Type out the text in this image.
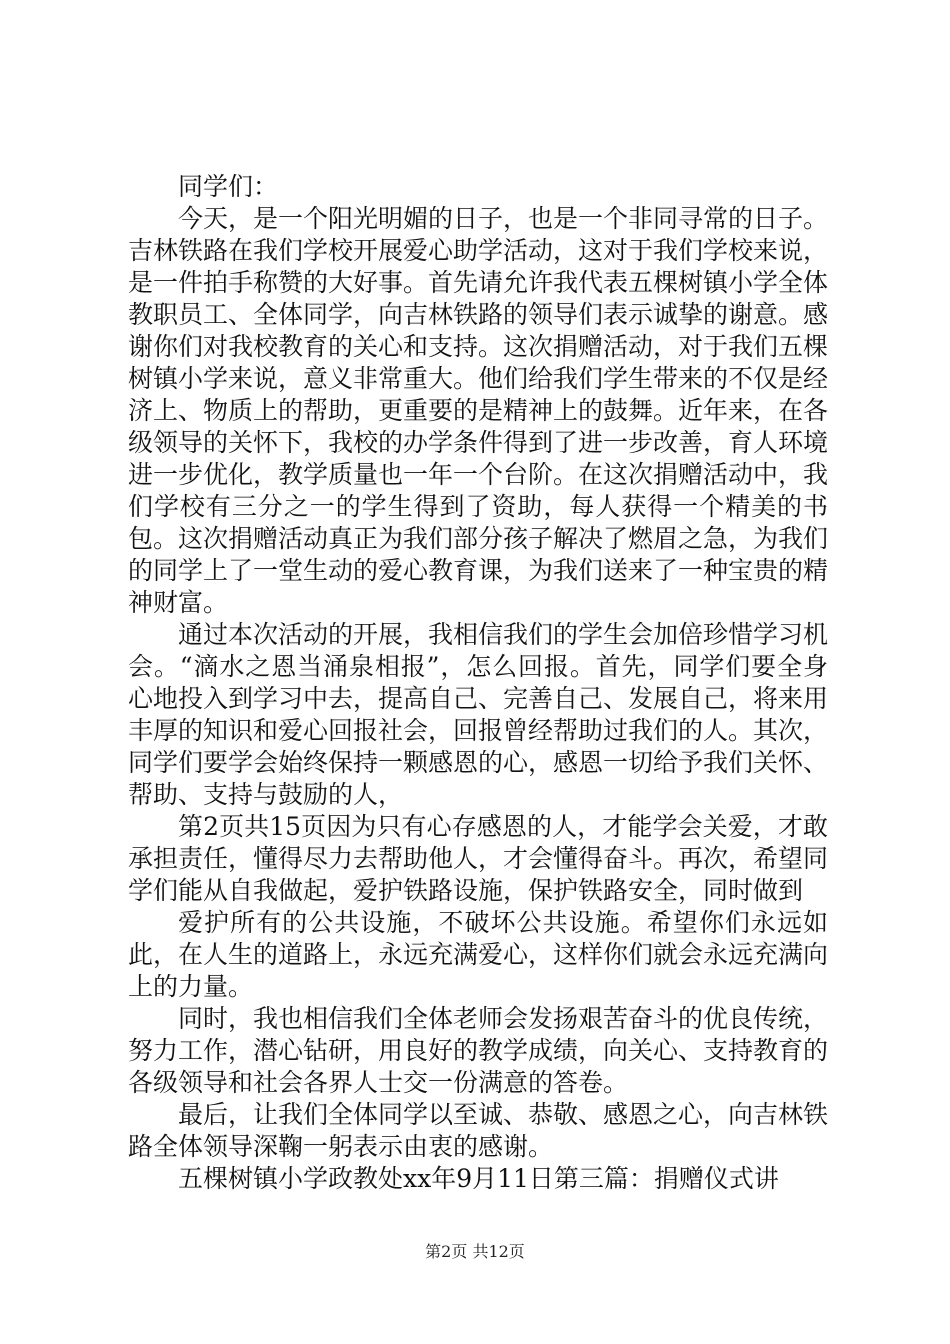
同学们：

今天，是一个阳光明媚的日子，也是一个非同寻常的日子。吉林铁路在我们学校开展爱心助学活动，这对于我们学校来说，是一件拍手称赞的大好事。首先请允许我代表五棵树镇小学全体教职员工、全体同学，向吉林铁路的领导们表示诚挚的谢意。感谢你们对我校教育的关心和支持。这次捐赠活动，对于我们五棵树镇小学来说，意义非常重大。他们给我们学生带来的不仅是经济上、物质上的帮助，更重要的是精神上的鼓舞。近年来，在各级领导的关怀下，我校的办学条件得到了进一步改善，育人环境进一步优化，教学质量也一年一个台阶。在这次捐赠活动中，我们学校有三分之一的学生得到了资助，每人获得一个精美的书包。这次捐赠活动真正为我们部分孩子解决了燃眉之急，为我们的同学上了一堂生动的爱心教育课，为我们送来了一种宝贵的精神财富。

通过本次活动的开展，我相信我们的学生会加倍珍惜学习机会。“滴水之恩当涌泉相报”，怎么回报。首先，同学们要全身心地投入到学习中去，提高自己、完善自己、发展自己，将来用丰厚的知识和爱心回报社会，回报曾经帮助过我们的人。其次，同学们要学会始终保持一颗感恩的心，感恩一切给予我们关怀、帮助、支持与鼓励的人，

第2页共15页因为只有心存感恩的人，才能学会关爱，才敢承担责任，懂得尽力去帮助他人，才会懂得奋斗。再次，希望同学们能从自我做起，爱护铁路设施，保护铁路安全，同时做到

爱护所有的公共设施，不破坏公共设施。希望你们永远如此，在人生的道路上，永远充满爱心，这样你们就会永远充满向上的力量。

同时，我也相信我们全体老师会发扬艰苦奋斗的优良传统，努力工作，潜心钻研，用良好的教学成绩，向关心、支持教育的各级领导和社会各界人士交一份满意的答卷。

最后，让我们全体同学以至诚、恭敬、感恩之心，向吉林铁路全体领导深鞠一躬表示由衷的感谢。

五棵树镇小学政教处xx年9月11日第三篇：捐赠仪式讲

第2页 共12页
